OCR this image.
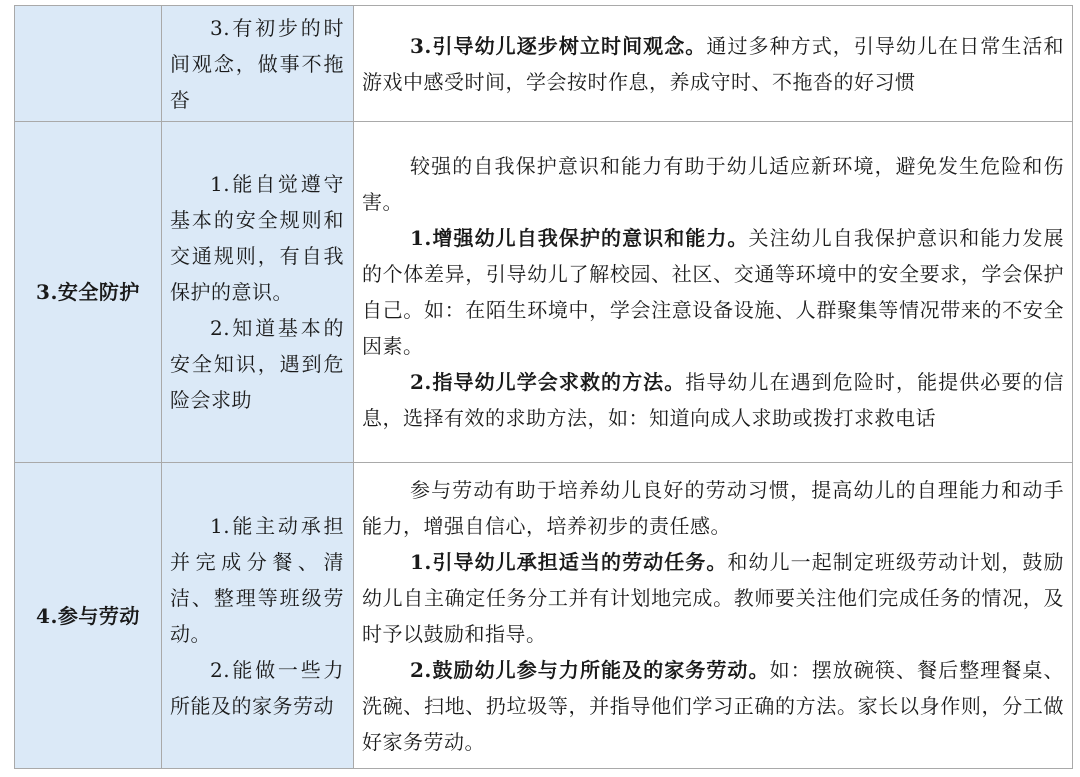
	3.有初步的时间观念，做事不拖沓	3.引导幼儿逐步树立时间观念。通过多种方式，引导幼儿在日常生活和游戏中感受时间，学会按时作息，养成守时、不拖沓的好习惯

3.安全防护	1.能自觉遵守基本的安全规则和交通规则，有自我保护的意识。
2.知道基本的安全知识，遇到危险会求助	较强的自我保护意识和能力有助于幼儿适应新环境，避免发生危险和伤害。
1.增强幼儿自我保护的意识和能力。关注幼儿自我保护意识和能力发展的个体差异，引导幼儿了解校园、社区、交通等环境中的安全要求，学会保护自己。如：在陌生环境中，学会注意设备设施、人群聚集等情况带来的不安全因素。
2.指导幼儿学会求救的方法。指导幼儿在遇到危险时，能提供必要的信息，选择有效的求助方法，如：知道向成人求助或拨打求救电话

4.参与劳动	1.能主动承担并完成分餐、清洁、整理等班级劳动。
2.能做一些力所能及的家务劳动	参与劳动有助于培养幼儿良好的劳动习惯，提高幼儿的自理能力和动手能力，增强自信心，培养初步的责任感。
1.引导幼儿承担适当的劳动任务。和幼儿一起制定班级劳动计划，鼓励幼儿自主确定任务分工并有计划地完成。教师要关注他们完成任务的情况，及时予以鼓励和指导。
2.鼓励幼儿参与力所能及的家务劳动。如：摆放碗筷、餐后整理餐桌、洗碗、扫地、扔垃圾等，并指导他们学习正确的方法。家长以身作则，分工做好家务劳动。
